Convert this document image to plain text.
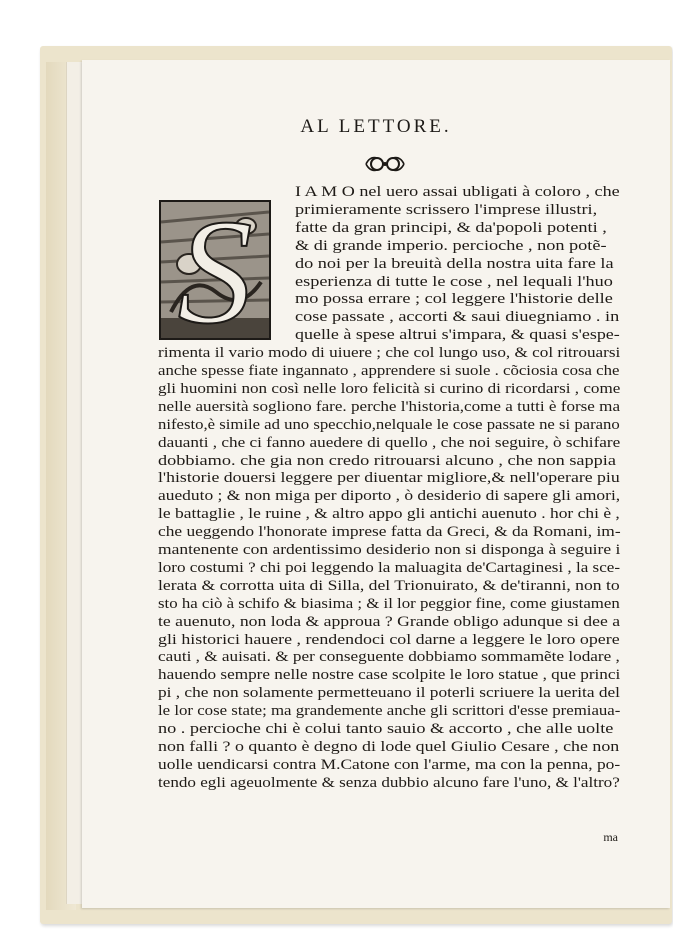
AL LETTORE.
S	I A M O nel uero assai ubligati à coloro , che
primieramente scrissero l'imprese illustri,
fatte da gran principi, & da'popoli potenti ,
& di grande imperio. percioche , non potẽ-
do noi per la breuità della nostra uita fare la
esperienza di tutte le cose , nel lequali l'huo
mo possa errare ; col leggere l'historie delle
cose passate , accorti & saui diuegniamo . in
quelle à spese altrui s'impara, & quasi s'espe-
rimenta il vario modo di uiuere ; che col lungo uso, & col ritrouarsi
anche spesse fiate ingannato , apprendere si suole . cõciosia cosa che
gli huomini non così nelle loro felicità si curino di ricordarsi , come
nelle auersità sogliono fare. perche l'historia,come a tutti è forse ma
nifesto,è simile ad uno specchio,nelquale le cose passate ne si parano
dauanti , che ci fanno auedere di quello , che noi seguire, ò schifare
dobbiamo. che gia non credo ritrouarsi alcuno , che non sappia
l'historie douersi leggere per diuentar migliore,& nell'operare piu
aueduto ; & non miga per diporto , ò desiderio di sapere gli amori,
le battaglie , le ruine , & altro appo gli antichi auenuto . hor chi è ,
che ueggendo l'honorate imprese fatta da Greci, & da Romani, im-
mantenente con ardentissimo desiderio non si disponga à seguire i
loro costumi ? chi poi leggendo la maluagita de'Cartaginesi , la sce-
lerata & corrotta uita di Silla, del Trionuirato, & de'tiranni, non to
sto ha ciò à schifo & biasima ; & il lor peggior fine, come giustamen
te auenuto, non loda & approua ? Grande obligo adunque si dee a
gli historici hauere , rendendoci col darne a leggere le loro opere
cauti , & auisati. & per conseguente dobbiamo sommamẽte lodare ,
hauendo sempre nelle nostre case scolpite le loro statue , que princi
pi , che non solamente permetteuano il poterli scriuere la uerita del
le lor cose state; ma grandemente anche gli scrittori d'esse premiaua-
no . percioche chi è colui tanto sauio & accorto , che alle uolte
non falli ? o quanto è degno di lode quel Giulio Cesare , che non
uolle uendicarsi contra M.Catone con l'arme, ma con la penna, po-
tendo egli ageuolmente & senza dubbio alcuno fare l'uno, & l'altro?
ma
